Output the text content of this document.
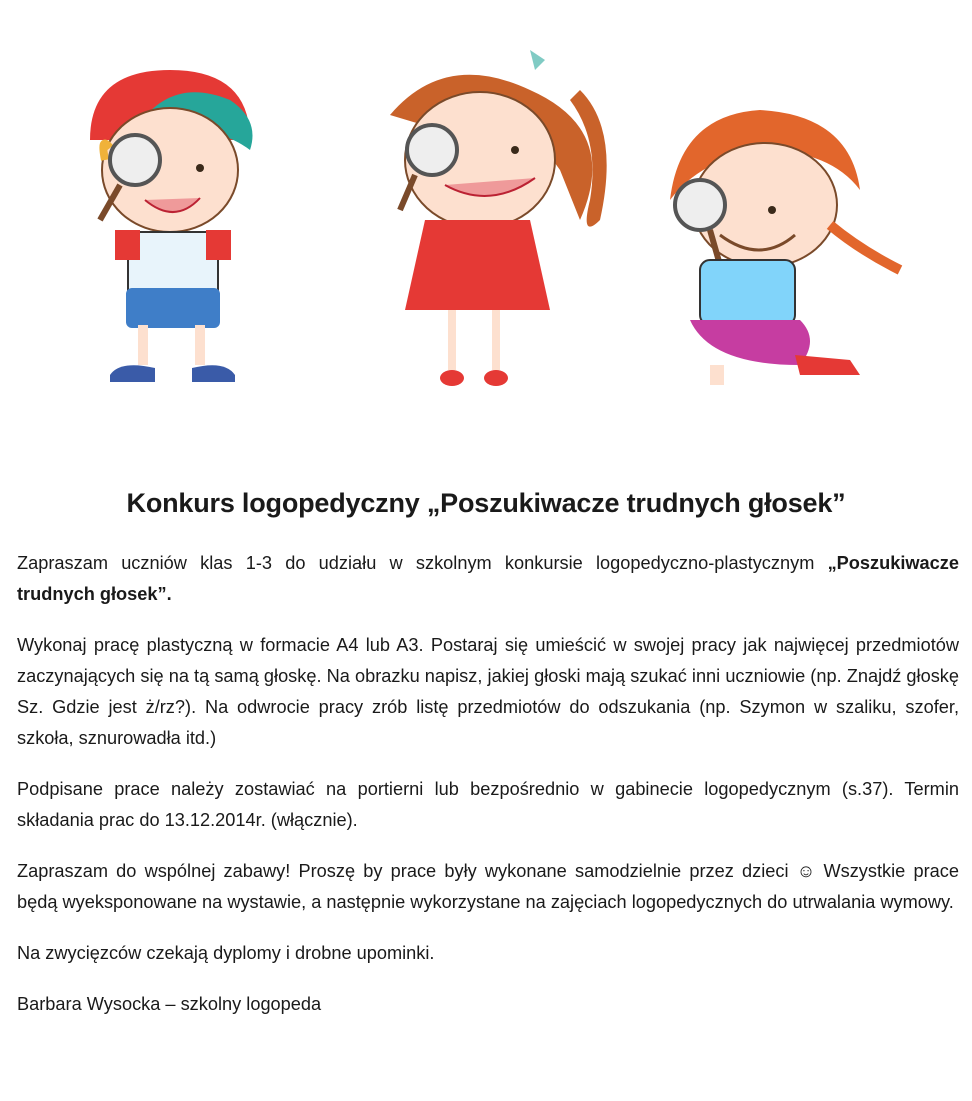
Konkurs logopedyczny „Poszukiwacze trudnych głosek”

Zapraszam uczniów klas 1-3 do udziału w szkolnym konkursie logopedyczno-plastycznym „Poszukiwacze trudnych głosek”.

Wykonaj pracę plastyczną w formacie A4 lub A3. Postaraj się umieścić w swojej pracy jak najwięcej przedmiotów zaczynających się na tą samą głoskę. Na obrazku napisz, jakiej głoski mają szukać inni uczniowie (np. Znajdź głoskę Sz. Gdzie jest ż/rz?). Na odwrocie pracy zrób listę przedmiotów do odszukania (np. Szymon w szaliku, szofer, szkoła, sznurowadła itd.)

Podpisane prace należy zostawiać na portierni lub bezpośrednio w gabinecie logopedycznym (s.37). Termin składania prac do 13.12.2014r. (włącznie).

Zapraszam do wspólnej zabawy! Proszę by prace były wykonane samodzielnie przez dzieci ☺ Wszystkie prace będą wyeksponowane na wystawie, a następnie wykorzystane na zajęciach logopedycznych do utrwalania wymowy.

Na zwycięzców czekają dyplomy i drobne upominki.

Barbara Wysocka – szkolny logopeda
